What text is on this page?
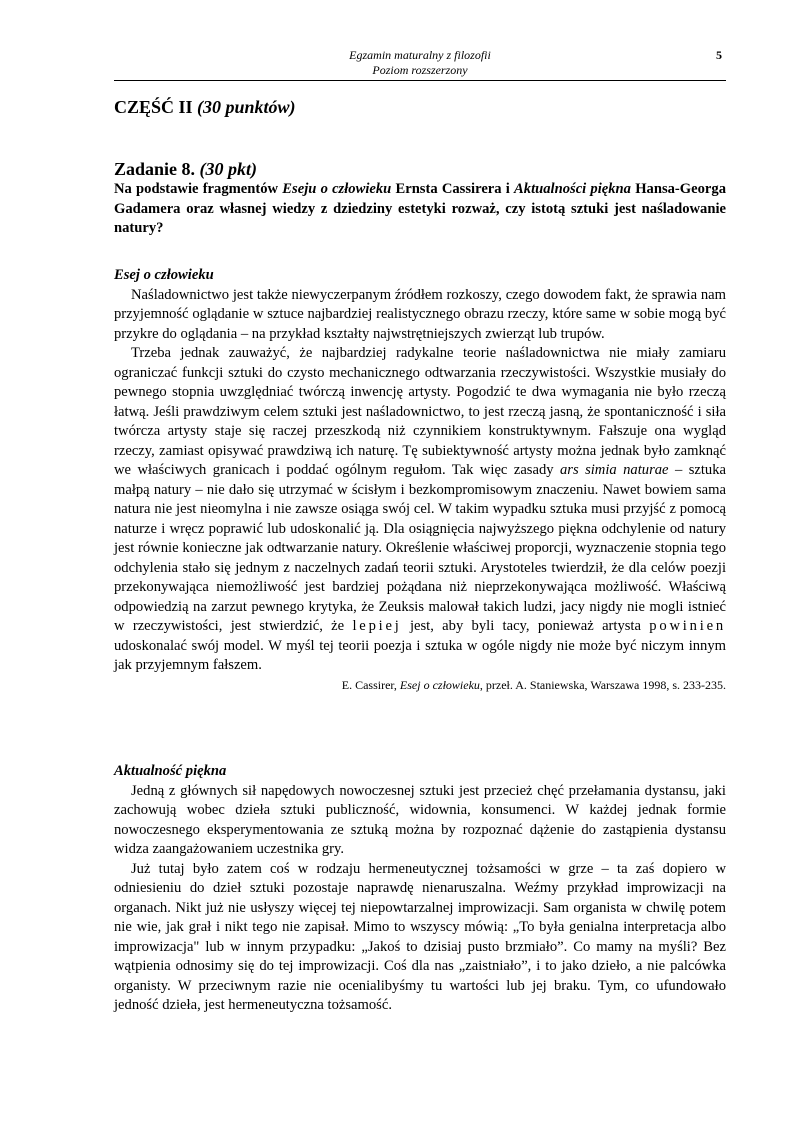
Egzamin maturalny z filozofii
Poziom rozszerzony
5
CZĘŚĆ II (30 punktów)
Zadanie 8. (30 pkt)
Na podstawie fragmentów Eseju o człowieku Ernsta Cassirera i Aktualności piękna Hansa-Georga Gadamera oraz własnej wiedzy z dziedziny estetyki rozważ, czy istotą sztuki jest naśladowanie natury?
Esej o człowieku

Naśladownictwo jest także niewyczerpanym źródłem rozkoszy, czego dowodem fakt, że sprawia nam przyjemność oglądanie w sztuce najbardziej realistycznego obrazu rzeczy, które same w sobie mogą być przykre do oglądania – na przykład kształty najwstrętniejszych zwierząt lub trupów.

Trzeba jednak zauważyć, że najbardziej radykalne teorie naśladownictwa nie miały zamiaru ograniczać funkcji sztuki do czysto mechanicznego odtwarzania rzeczywistości. Wszystkie musiały do pewnego stopnia uwzględniać twórczą inwencję artysty. Pogodzić te dwa wymagania nie było rzeczą łatwą. Jeśli prawdziwym celem sztuki jest naśladownictwo, to jest rzeczą jasną, że spontaniczność i siła twórcza artysty staje się raczej przeszkodą niż czynnikiem konstruktywnym. Fałszuje ona wygląd rzeczy, zamiast opisywać prawdziwą ich naturę. Tę subiektywność artysty można jednak było zamknąć we właściwych granicach i poddać ogólnym regułom. Tak więc zasady ars simia naturae – sztuka małpą natury – nie dało się utrzymać w ścisłym i bezkompromisowym znaczeniu. Nawet bowiem sama natura nie jest nieomylna i nie zawsze osiąga swój cel. W takim wypadku sztuka musi przyjść z pomocą naturze i wręcz poprawić lub udoskonalić ją. Dla osiągnięcia najwyższego piękna odchylenie od natury jest równie konieczne jak odtwarzanie natury. Określenie właściwej proporcji, wyznaczenie stopnia tego odchylenia stało się jednym z naczelnych zadań teorii sztuki. Arystoteles twierdził, że dla celów poezji przekonywająca niemożliwość jest bardziej pożądana niż nieprzekonywająca możliwość. Właściwą odpowiedzią na zarzut pewnego krytyka, że Zeuksis malował takich ludzi, jacy nigdy nie mogli istnieć w rzeczywistości, jest stwierdzić, że lepiej jest, aby byli tacy, ponieważ artysta powinien udoskonalać swój model. W myśl tej teorii poezja i sztuka w ogóle nigdy nie może być niczym innym jak przyjemnym fałszem.

E. Cassirer, Esej o człowieku, przeł. A. Staniewska, Warszawa 1998, s. 233-235.
Aktualność piękna

Jedną z głównych sił napędowych nowoczesnej sztuki jest przecież chęć przełamania dystansu, jaki zachowują wobec dzieła sztuki publiczność, widownia, konsumenci. W każdej jednak formie nowoczesnego eksperymentowania ze sztuką można by rozpoznać dążenie do zastąpienia dystansu widza zaangażowaniem uczestnika gry.

Już tutaj było zatem coś w rodzaju hermeneutycznej tożsamości w grze – ta zaś dopiero w odniesieniu do dzieł sztuki pozostaje naprawdę nienaruszalna. Weźmy przykład improwizacji na organach. Nikt już nie usłyszy więcej tej niepowtarzalnej improwizacji. Sam organista w chwilę potem nie wie, jak grał i nikt tego nie zapisał. Mimo to wszyscy mówią: „To była genialna interpretacja albo improwizacja" lub w innym przypadku: „Jakoś to dzisiaj pusto brzmiało”. Co mamy na myśli? Bez wątpienia odnosimy się do tej improwizacji. Coś dla nas „zaistniało”, i to jako dzieło, a nie palcówka organisty. W przeciwnym razie nie ocenialibyśmy tu wartości lub jej braku. Tym, co ufundowało jedność dzieła, jest hermeneutyczna tożsamość.
